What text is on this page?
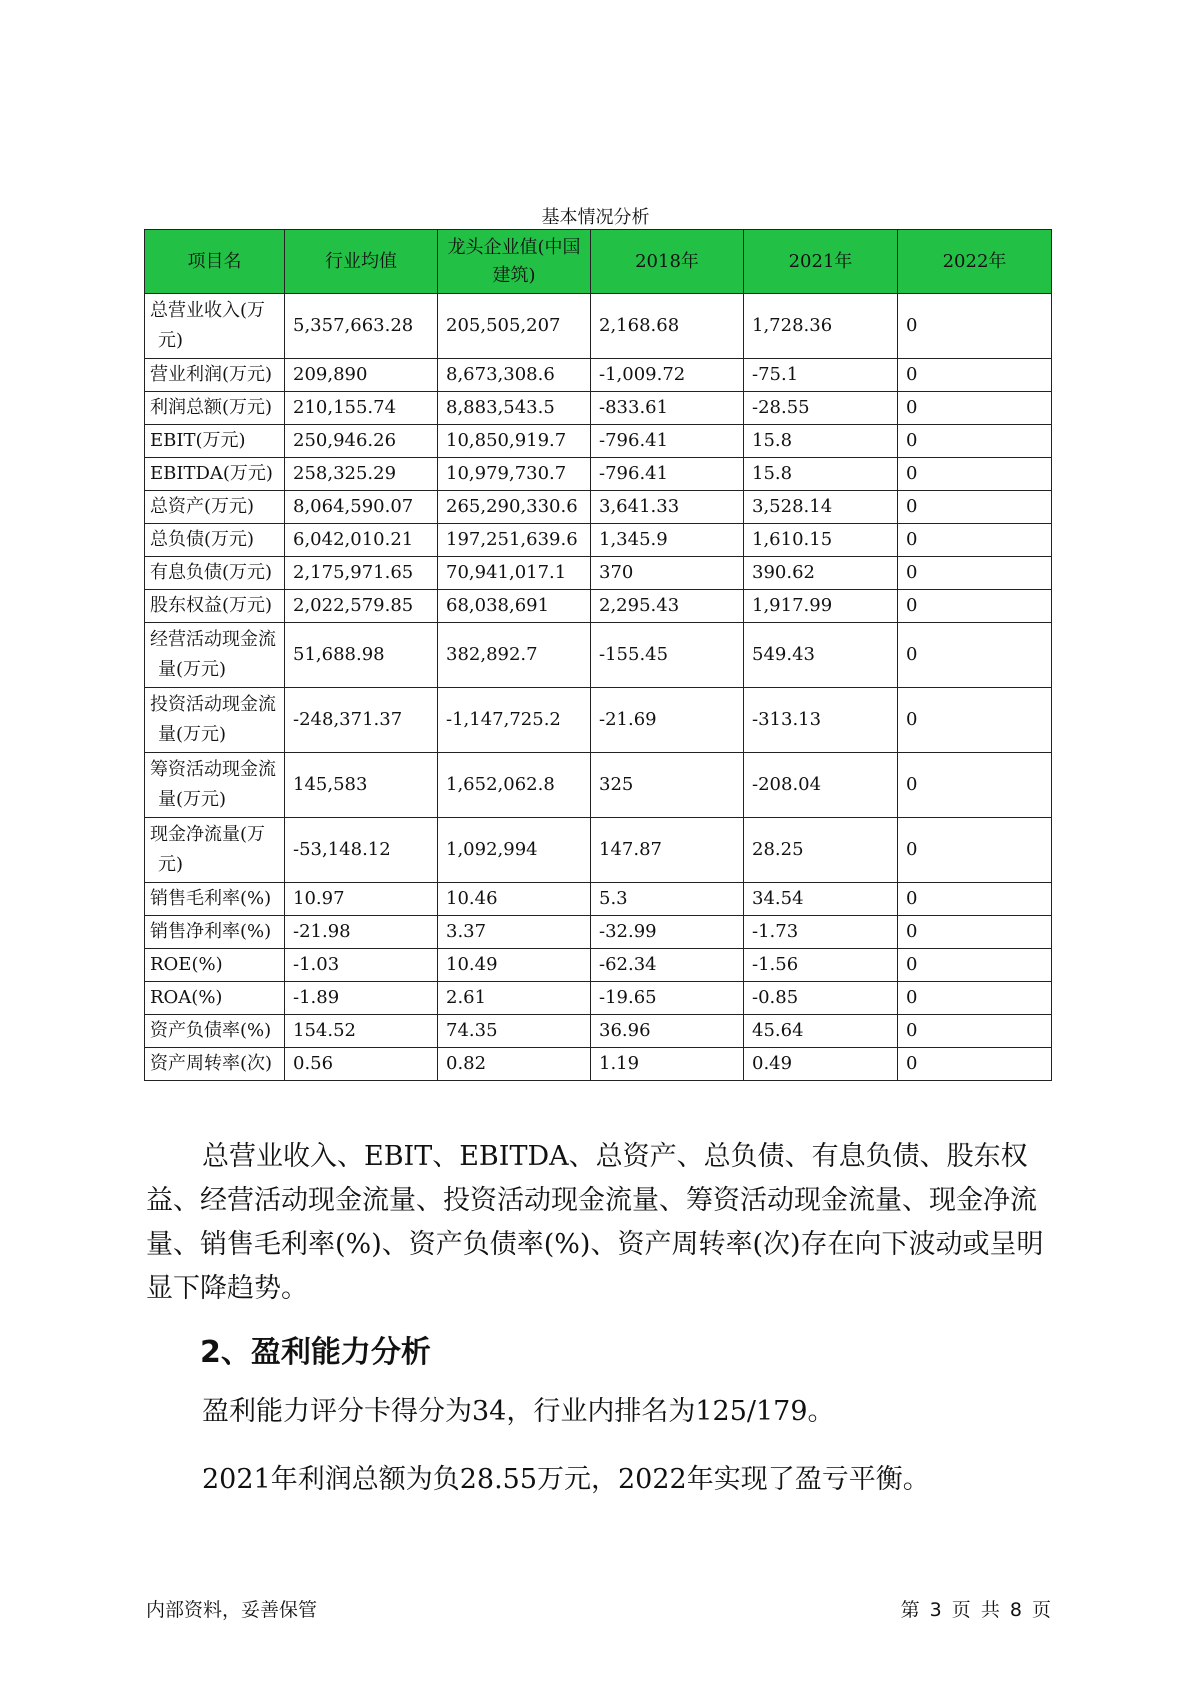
基本情况分析
项目名	行业均值	龙头企业值(中国建筑)	2018年	2021年	2022年

总营业收入(万元)	5,357,663.28	205,505,207	2,168.68	1,728.36	0

营业利润(万元)	209,890	8,673,308.6	-1,009.72	-75.1	0

利润总额(万元)	210,155.74	8,883,543.5	-833.61	-28.55	0

EBIT(万元)	250,946.26	10,850,919.7	-796.41	15.8	0

EBITDA(万元)	258,325.29	10,979,730.7	-796.41	15.8	0

总资产(万元)	8,064,590.07	265,290,330.6	3,641.33	3,528.14	0

总负债(万元)	6,042,010.21	197,251,639.6	1,345.9	1,610.15	0

有息负债(万元)	2,175,971.65	70,941,017.1	370	390.62	0

股东权益(万元)	2,022,579.85	68,038,691	2,295.43	1,917.99	0

经营活动现金流量(万元)	51,688.98	382,892.7	-155.45	549.43	0

投资活动现金流量(万元)	-248,371.37	-1,147,725.2	-21.69	-313.13	0

筹资活动现金流量(万元)	145,583	1,652,062.8	325	-208.04	0

现金净流量(万元)	-53,148.12	1,092,994	147.87	28.25	0

销售毛利率(%)	10.97	10.46	5.3	34.54	0

销售净利率(%)	-21.98	3.37	-32.99	-1.73	0

ROE(%)	-1.03	10.49	-62.34	-1.56	0

ROA(%)	-1.89	2.61	-19.65	-0.85	0

资产负债率(%)	154.52	74.35	36.96	45.64	0

资产周转率(次)	0.56	0.82	1.19	0.49	0
总营业收入、EBIT、EBITDA、总资产、总负债、有息负债、股东权益、经营活动现金流量、投资活动现金流量、筹资活动现金流量、现金净流量、销售毛利率(%)、资产负债率(%)、资产周转率(次)存在向下波动或呈明显下降趋势。
2、盈利能力分析
盈利能力评分卡得分为34，行业内排名为125/179。
2021年利润总额为负28.55万元，2022年实现了盈亏平衡。
内部资料，妥善保管	第 3 页 共 8 页
